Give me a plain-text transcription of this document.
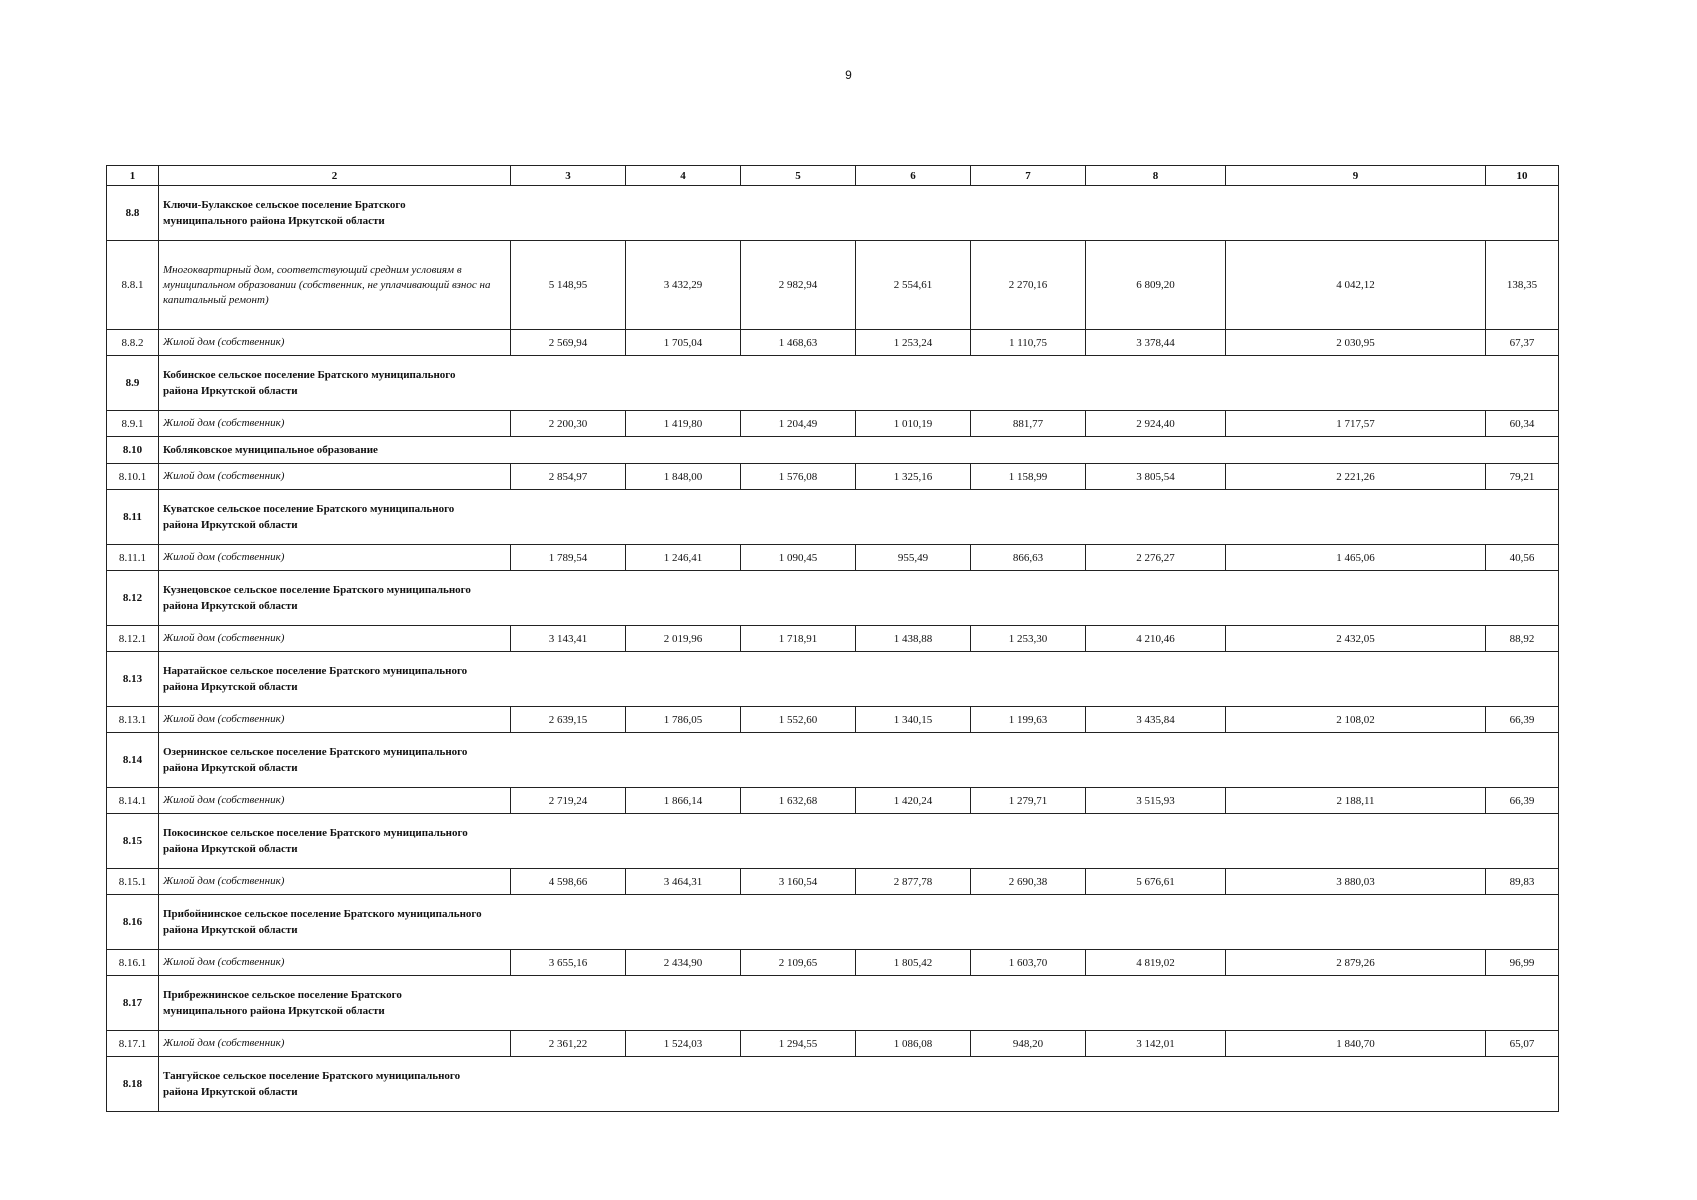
9
1	2	3	4	5	6	7	8	9	10
8.8	Ключи-Булакское сельское поселение Братского муниципального района Иркутской области								

8.8.1	Многоквартирный дом, соответствующий средним условиям в муниципальном образовании (собственник, не уплачивающий взнос на капитальный ремонт)	5 148,95	3 432,29	2 982,94	2 554,61	2 270,16	6 809,20	4 042,12	138,35
8.8.2	Жилой дом (собственник)	2 569,94	1 705,04	1 468,63	1 253,24	1 110,75	3 378,44	2 030,95	67,37
8.9	Кобинское сельское поселение Братского муниципального района Иркутской области								

8.9.1	Жилой дом (собственник)	2 200,30	1 419,80	1 204,49	1 010,19	881,77	2 924,40	1 717,57	60,34
8.10	Кобляковское муниципальное образование								

8.10.1	Жилой дом (собственник)	2 854,97	1 848,00	1 576,08	1 325,16	1 158,99	3 805,54	2 221,26	79,21
8.11	Куватское сельское поселение Братского муниципального района Иркутской области								

8.11.1	Жилой дом (собственник)	1 789,54	1 246,41	1 090,45	955,49	866,63	2 276,27	1 465,06	40,56
8.12	Кузнецовское сельское поселение Братского муниципального района Иркутской области								

8.12.1	Жилой дом (собственник)	3 143,41	2 019,96	1 718,91	1 438,88	1 253,30	4 210,46	2 432,05	88,92
8.13	Наратайское сельское поселение Братского муниципального района Иркутской области								

8.13.1	Жилой дом (собственник)	2 639,15	1 786,05	1 552,60	1 340,15	1 199,63	3 435,84	2 108,02	66,39
8.14	Озернинское сельское поселение Братского муниципального района Иркутской области								

8.14.1	Жилой дом (собственник)	2 719,24	1 866,14	1 632,68	1 420,24	1 279,71	3 515,93	2 188,11	66,39
8.15	Покосинское сельское поселение Братского муниципального района Иркутской области								

8.15.1	Жилой дом (собственник)	4 598,66	3 464,31	3 160,54	2 877,78	2 690,38	5 676,61	3 880,03	89,83
8.16	Прибойнинское сельское поселение Братского муниципального района Иркутской области								

8.16.1	Жилой дом (собственник)	3 655,16	2 434,90	2 109,65	1 805,42	1 603,70	4 819,02	2 879,26	96,99
8.17	Прибрежнинское сельское поселение Братского муниципального района Иркутской области								

8.17.1	Жилой дом (собственник)	2 361,22	1 524,03	1 294,55	1 086,08	948,20	3 142,01	1 840,70	65,07
8.18	Тангуйское сельское поселение Братского муниципального района Иркутской области								
